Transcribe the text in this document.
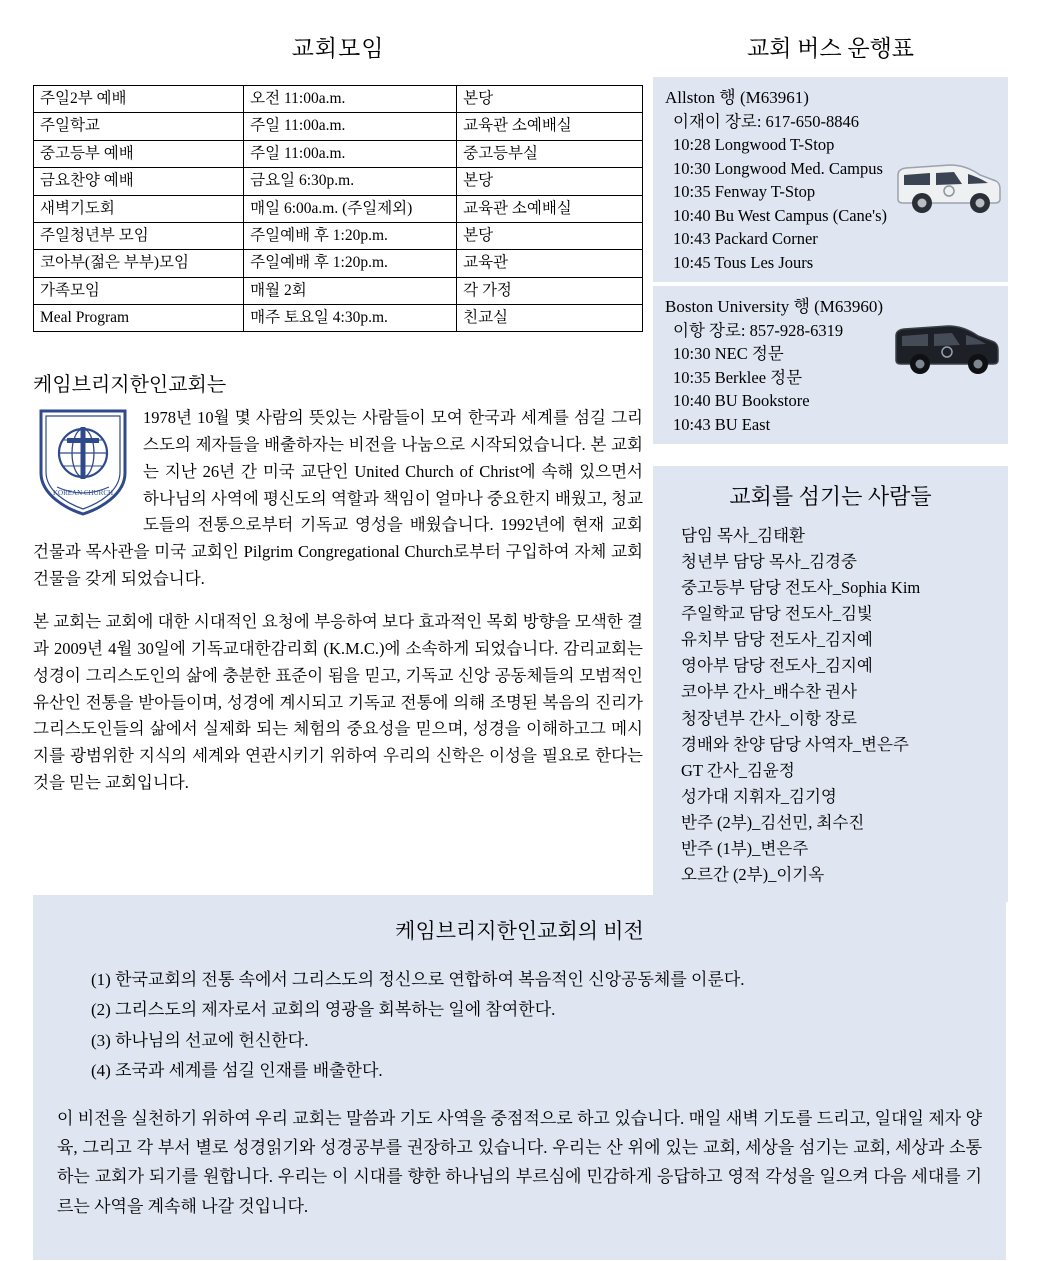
교회모임
주일2부 예배	오전 11:00a.m.	본당
주일학교	주일 11:00a.m.	교육관 소예배실
중고등부 예배	주일 11:00a.m.	중고등부실
금요찬양 예배	금요일 6:30p.m.	본당
새벽기도회	매일 6:00a.m. (주일제외)	교육관 소예배실
주일청년부 모임	주일예배 후 1:20p.m.	본당
코아부(젊은 부부)모임	주일예배 후 1:20p.m.	교육관
가족모임	매월 2회	각 가정
Meal Program	매주 토요일 4:30p.m.	친교실
케임브리지한인교회는
KOREAN CHURCH

1978년 10월 몇 사람의 뜻있는 사람들이 모여 한국과 세계를 섬길 그리스도의 제자들을 배출하자는 비전을 나눔으로 시작되었습니다. 본 교회는 지난 26년 간 미국 교단인 United Church of Christ에 속해 있으면서 하나님의 사역에 평신도의 역할과 책임이 얼마나 중요한지 배웠고, 청교도들의 전통으로부터 기독교 영성을 배웠습니다. 1992년에 현재 교회 건물과 목사관을 미국 교회인 Pilgrim Congregational Church로부터 구입하여 자체 교회 건물을 갖게 되었습니다.

본 교회는 교회에 대한 시대적인 요청에 부응하여 보다 효과적인 목회 방향을 모색한 결과 2009년 4월 30일에 기독교대한감리회 (K.M.C.)에 소속하게 되었습니다. 감리교회는 성경이 그리스도인의 삶에 충분한 표준이 됨을 믿고, 기독교 신앙 공동체들의 모범적인 유산인 전통을 받아들이며, 성경에 계시되고 기독교 전통에 의해 조명된 복음의 진리가 그리스도인들의 삶에서 실제화 되는 체험의 중요성을 믿으며, 성경을 이해하고그 메시지를 광범위한 지식의 세계와 연관시키기 위하여 우리의 신학은 이성을 필요로 한다는 것을 믿는 교회입니다.

교회 버스 운행표
Allston 행 (M63961)
이재이 장로: 617-650-8846
10:28 Longwood T-Stop
10:30 Longwood Med. Campus
10:35 Fenway T-Stop
10:40 Bu West Campus (Cane's)
10:43 Packard Corner
10:45 Tous Les Jours
Boston University 행 (M63960)
이항 장로: 857-928-6319
10:30 NEC 정문
10:35 Berklee 정문
10:40 BU Bookstore
10:43 BU East
교회를 섬기는 사람들
담임 목사_김태환
청년부 담당 목사_김경중
중고등부 담당 전도사_Sophia Kim
주일학교 담당 전도사_김빛
유치부 담당 전도사_김지예
영아부 담당 전도사_김지예
코아부 간사_배수찬 권사
청장년부 간사_이항 장로
경배와 찬양 담당 사역자_변은주
GT 간사_김윤정
성가대 지휘자_김기영
반주 (2부)_김선민, 최수진
반주 (1부)_변은주
오르간 (2부)_이기옥
케임브리지한인교회의 비전
(1) 한국교회의 전통 속에서 그리스도의 정신으로 연합하여 복음적인 신앙공동체를 이룬다.
(2) 그리스도의 제자로서 교회의 영광을 회복하는 일에 참여한다.
(3) 하나님의 선교에 헌신한다.
(4) 조국과 세계를 섬길 인재를 배출한다.

이 비전을 실천하기 위하여 우리 교회는 말씀과 기도 사역을 중점적으로 하고 있습니다. 매일 새벽 기도를 드리고, 일대일 제자 양육, 그리고 각 부서 별로 성경읽기와 성경공부를 권장하고 있습니다. 우리는 산 위에 있는 교회, 세상을 섬기는 교회, 세상과 소통하는 교회가 되기를 원합니다. 우리는 이 시대를 향한 하나님의 부르심에 민감하게 응답하고 영적 각성을 일으켜 다음 세대를 기르는 사역을 계속해 나갈 것입니다.
